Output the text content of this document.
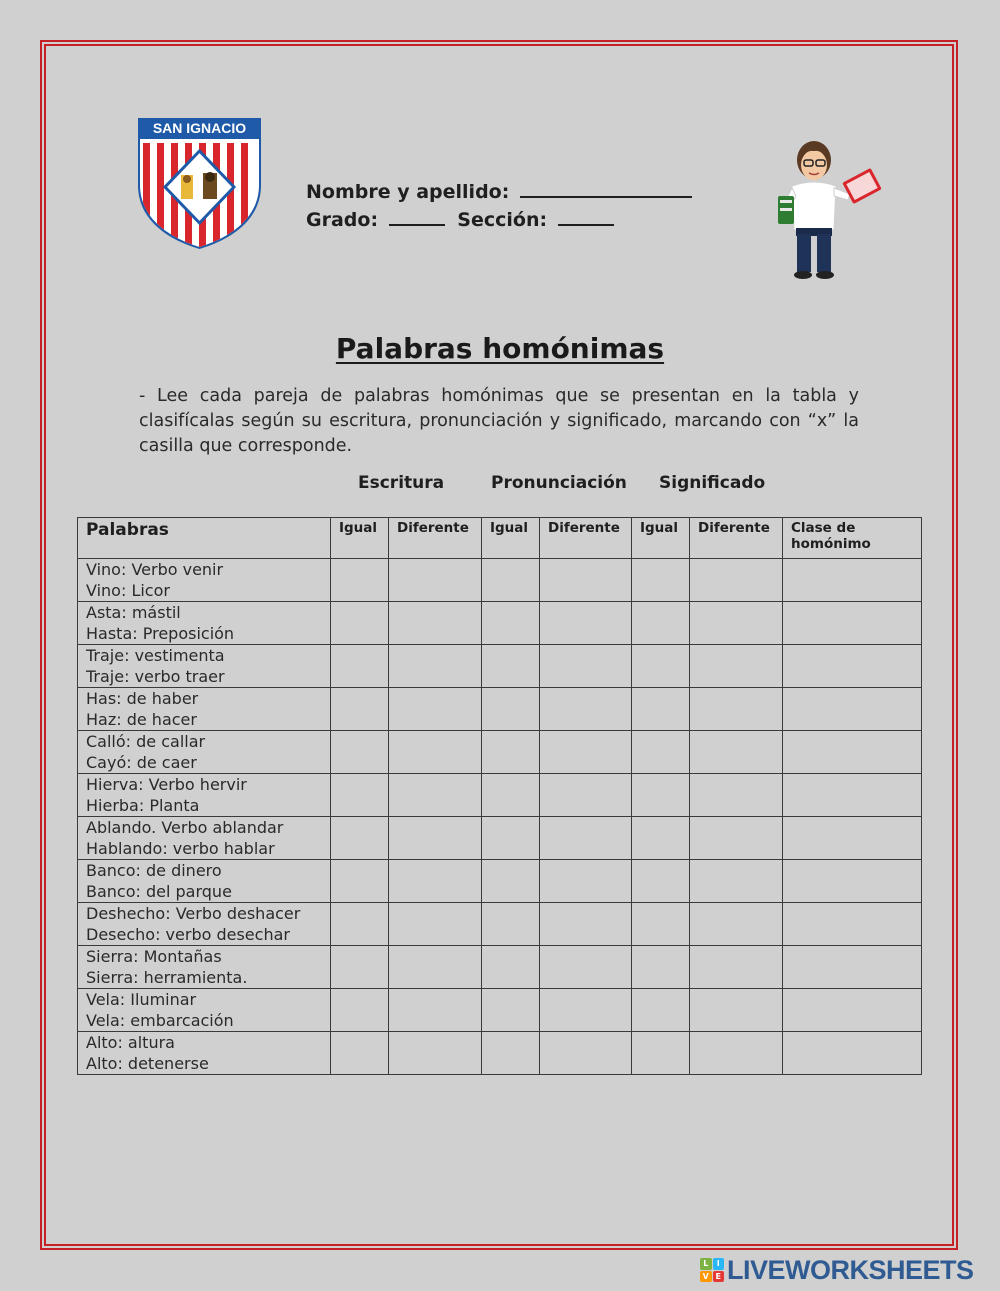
SAN IGNACIO
Nombre y apellido:
Grado:	Sección:
Palabras homónimas
- Lee cada pareja de palabras homónimas que se presentan en la tabla y clasifícalas según su escritura, pronunciación y significado, marcando con “x” la casilla que corresponde.
Escritura	Pronunciación Significado
Palabras	Igual	Diferente	Igual	Diferente	Igual	Diferente	Clase de homónimo

Vino: Verbo venir
Vino: Licor							

Asta: mástil
Hasta: Preposición							

Traje: vestimenta
Traje: verbo traer							

Has: de haber
Haz: de hacer							

Calló: de callar
Cayó: de caer							

Hierva: Verbo hervir
Hierba: Planta							

Ablando. Verbo ablandar
Hablando: verbo hablar							

Banco: de dinero
Banco: del parque							

Deshecho: Verbo deshacer
Desecho: verbo desechar							

Sierra: Montañas
Sierra: herramienta.							

Vela: Iluminar
Vela: embarcación							

Alto: altura
Alto: detenerse							

L	I
V E LIVEWORKSHEETS
